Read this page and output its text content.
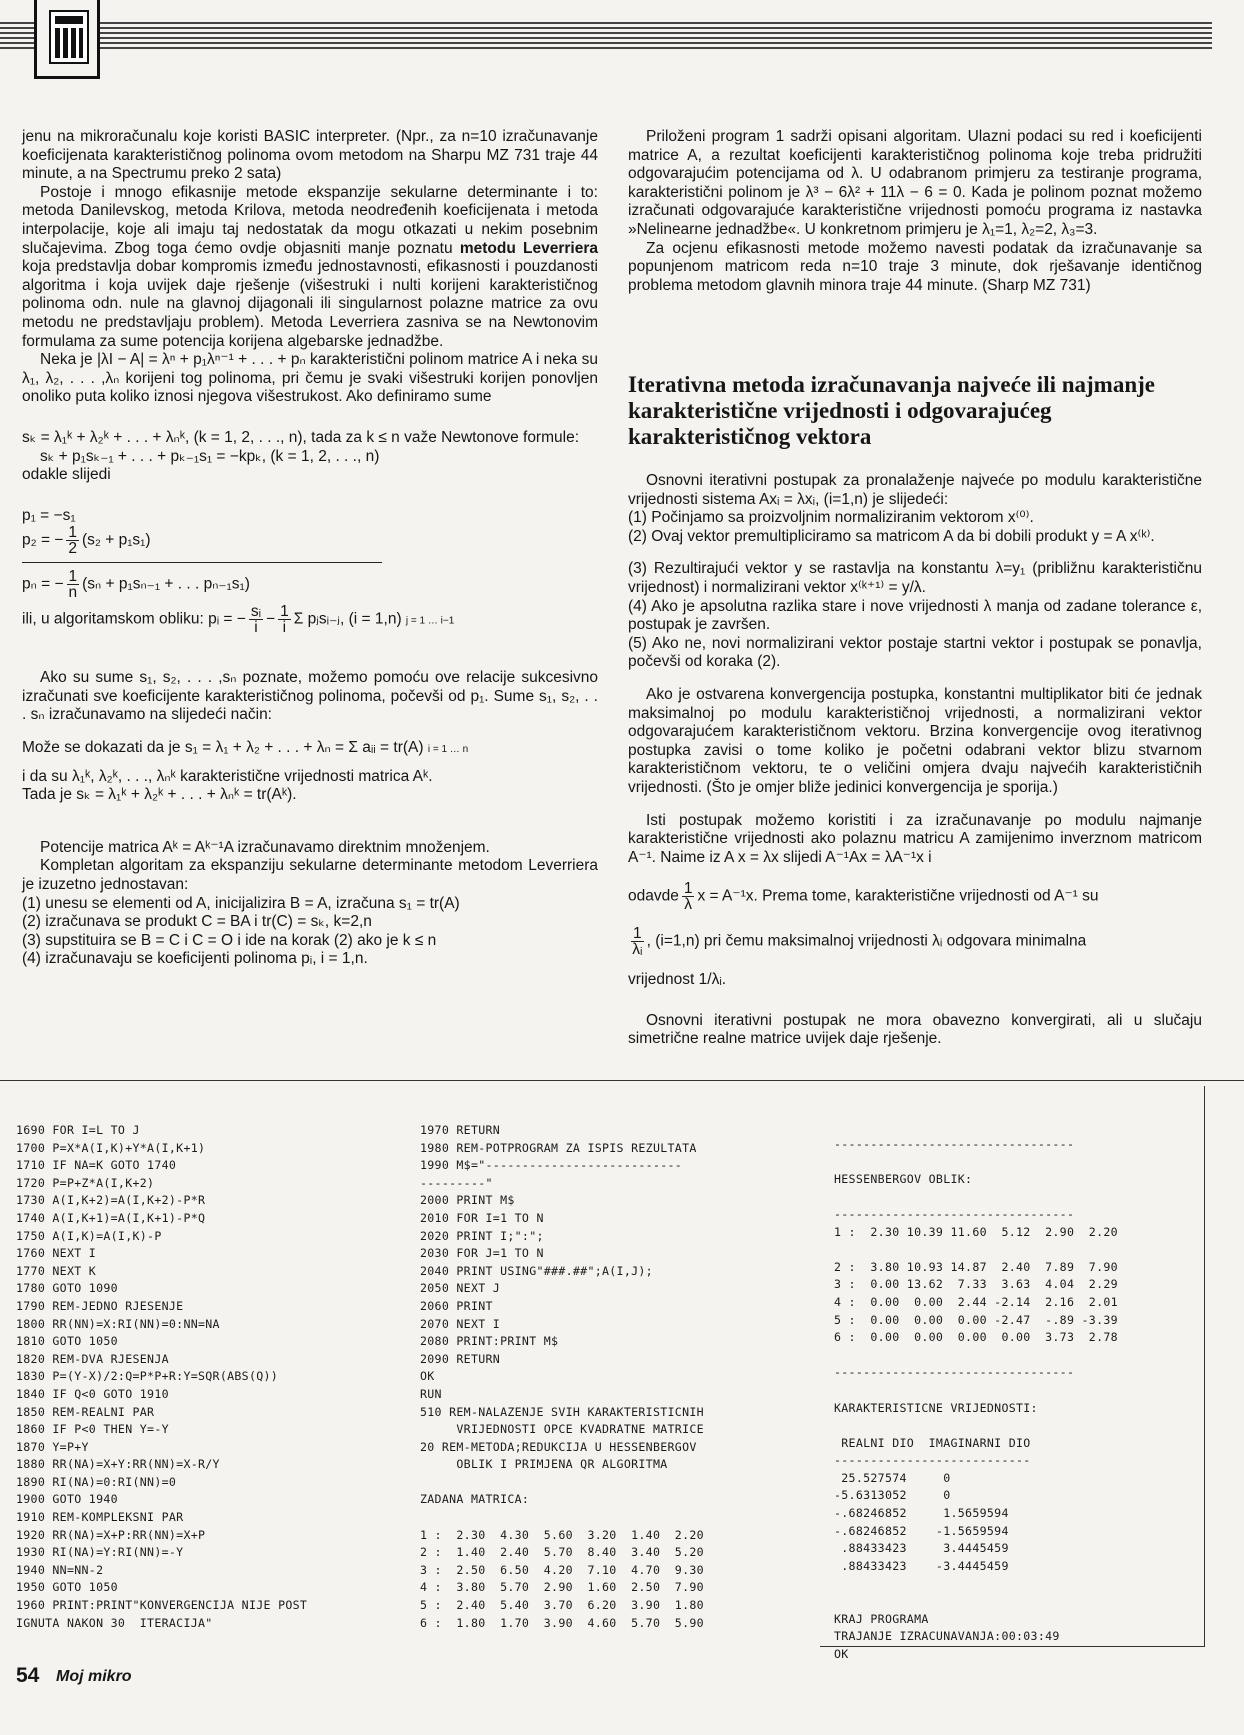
jenu na mikroračunalu koje koristi BASIC interpreter. (Npr., za n=10 izračunavanje koeficijenata karakterističnog polinoma ovom metodom na Sharpu MZ 731 traje 44 minute, a na Spectrumu preko 2 sata)

Postoje i mnogo efikasnije metode ekspanzije sekularne determinante i to: metoda Danilevskog, metoda Krilova, metoda neodređenih koeficijenata i metoda interpolacije, koje ali imaju taj nedostatak da mogu otkazati u nekim posebnim slučajevima. Zbog toga ćemo ovdje objasniti manje poznatu metodu Leverriera koja predstavlja dobar kompromis između jednostavnosti, efikasnosti i pouzdanosti algoritma i koja uvijek daje rješenje (višestruki i nulti korijeni karakterističnog polinoma odn. nule na glavnoj dijagonali ili singularnost polazne matrice za ovu metodu ne predstavljaju problem). Metoda Leverriera zasniva se na Newtonovim formulama za sume potencija korijena algebarske jednadžbe.

Neka je |λI − A| = λⁿ + p₁λⁿ⁻¹ + . . . + pₙ karakteristični polinom matrice A i neka su λ₁, λ₂, . . . ,λₙ korijeni tog polinoma, pri čemu je svaki višestruki korijen ponovljen onoliko puta koliko iznosi njegova višestrukost. Ako definiramo sume

sₖ = λ₁ᵏ + λ₂ᵏ + . . . + λₙᵏ, (k = 1, 2, . . ., n), tada za k ≤ n važe Newtonove formule:

sₖ + p₁sₖ₋₁ + . . . + pₖ₋₁s₁ = −kpₖ, (k = 1, 2, . . ., n)

odakle slijedi

p₁ = −s₁

p₂ = − $\frac{1}{2} (s_2 + p_1s_1)$

pₙ = − $\frac{1}{n} (s_n + p_1s_{n-1}$ + . . . pₙ₋₁s₁)

ili, u algoritamskom obliku: pᵢ = − $\frac{\text{sᵢ}}{i} - \frac{1}{i}$ Σ pⱼsᵢ₋ⱼ, (i = 1,n) j = 1 … i−1

Ako su sume s₁, s₂, . . . ,sₙ poznate, možemo pomoću ove relacije sukcesivno izračunati sve koeficijente karakterističnog polinoma, počevši od p₁. Sume s₁, s₂, . . . sₙ izračunavamo na slijedeći način:

Može se dokazati da je s₁ = λ₁ + λ₂ + . . . + λₙ = Σ aᵢᵢ = tr(A) i = 1 … n

i da su λ₁ᵏ, λ₂ᵏ, . . ., λₙᵏ karakteristične vrijednosti matrica Aᵏ.

Tada je sₖ = λ₁ᵏ + λ₂ᵏ + . . . + λₙᵏ = tr(Aᵏ).

Potencije matrica Aᵏ = Aᵏ⁻¹A izračunavamo direktnim množenjem.

Kompletan algoritam za ekspanziju sekularne determinante metodom Leverriera je izuzetno jednostavan:

(1) unesu se elementi od A, inicijalizira B = A, izračuna s₁ = tr(A)

(2) izračunava se produkt C = BA i tr(C) = sₖ, k=2,n

(3) supstituira se B = C i C = O i ide na korak (2) ako je k ≤ n

(4) izračunavaju se koeficijenti polinoma pᵢ, i = 1,n.

Priloženi program 1 sadrži opisani algoritam. Ulazni podaci su red i koeficijenti matrice A, a rezultat koeficijenti karakterističnog polinoma koje treba pridružiti odgovarajućim potencijama od λ. U odabranom primjeru za testiranje programa, karakteristični polinom je λ³ − 6λ² + 11λ − 6 = 0. Kada je polinom poznat možemo izračunati odgovarajuće karakteristične vrijednosti pomoću programa iz nastavka »Nelinearne jednadžbe«. U konkretnom primjeru je λ₁=1, λ₂=2, λ₃=3.

Za ocjenu efikasnosti metode možemo navesti podatak da izračunavanje sa popunjenom matricom reda n=10 traje 3 minute, dok rješavanje identičnog problema metodom glavnih minora traje 44 minute. (Sharp MZ 731)

Iterativna metoda izračunavanja najveće ili najmanje karakteristične vrijednosti i odgovarajućeg karakterističnog vektora

Osnovni iterativni postupak za pronalaženje najveće po modulu karakteristične vrijednosti sistema Axᵢ = λxᵢ, (i=1,n) je slijedeći:

(1) Počinjamo sa proizvoljnim normaliziranim vektorom x⁽⁰⁾.

(2) Ovaj vektor premultipliciramo sa matricom A da bi dobili produkt y = A x⁽ᵏ⁾.

(3) Rezultirajući vektor y se rastavlja na konstantu λ=y₁ (približnu karakterističnu vrijednost) i normalizirani vektor x⁽ᵏ⁺¹⁾ = y/λ.

(4) Ako je apsolutna razlika stare i nove vrijednosti λ manja od zadane tolerance ε, postupak je završen.

(5) Ako ne, novi normalizirani vektor postaje startni vektor i postupak se ponavlja, počevši od koraka (2).

Ako je ostvarena konvergencija postupka, konstantni multiplikator biti će jednak maksimalnoj po modulu karakterističnoj vrijednosti, a normalizirani vektor odgovarajućem karakterističnom vektoru. Brzina konvergencije ovog iterativnog postupka zavisi o tome koliko je početni odabrani vektor blizu stvarnom karakterističnom vektoru, te o veličini omjera dvaju najvećih karakterističnih vrijednosti. (Što je omjer bliže jedinici konvergencija je sporija.)

Isti postupak možemo koristiti i za izračunavanje po modulu najmanje karakteristične vrijednosti ako polaznu matricu A zamijenimo inverznom matricom A⁻¹. Naime iz A x = λx slijedi A⁻¹Ax = λA⁻¹x i

odavde $\frac{1}{\lambda}$ x = A⁻¹x. Prema tome, karakteristične vrijednosti od A⁻¹ su

$\frac{1}{\text{λᵢ}}$ , (i=1,n) pri čemu maksimalnoj vrijednosti λᵢ odgovara minimalna

vrijednost 1/λᵢ.

Osnovni iterativni postupak ne mora obavezno konvergirati, ali u slučaju simetrične realne matrice uvijek daje rješenje.

1690 FOR I=L TO J
1700 P=X*A(I,K)+Y*A(I,K+1)
1710 IF NA=K GOTO 1740
1720 P=P+Z*A(I,K+2)
1730 A(I,K+2)=A(I,K+2)-P*R
1740 A(I,K+1)=A(I,K+1)-P*Q
1750 A(I,K)=A(I,K)-P
1760 NEXT I
1770 NEXT K
1780 GOTO 1090
1790 REM-JEDNO RJESENJE
1800 RR(NN)=X:RI(NN)=0:NN=NA
1810 GOTO 1050
1820 REM-DVA RJESENJA
1830 P=(Y-X)/2:Q=P*P+R:Y=SQR(ABS(Q))
1840 IF Q<0 GOTO 1910
1850 REM-REALNI PAR
1860 IF P<0 THEN Y=-Y
1870 Y=P+Y
1880 RR(NA)=X+Y:RR(NN)=X-R/Y
1890 RI(NA)=0:RI(NN)=0
1900 GOTO 1940
1910 REM-KOMPLEKSNI PAR
1920 RR(NA)=X+P:RR(NN)=X+P
1930 RI(NA)=Y:RI(NN)=-Y
1940 NN=NN-2
1950 GOTO 1050
1960 PRINT:PRINT"KONVERGENCIJA NIJE POST
IGNUTA NAKON 30  ITERACIJA"
1970 RETURN
1980 REM-POTPROGRAM ZA ISPIS REZULTATA
1990 M$="---------------------------
---------"
2000 PRINT M$
2010 FOR I=1 TO N
2020 PRINT I;":";
2030 FOR J=1 TO N
2040 PRINT USING"###.##";A(I,J);
2050 NEXT J
2060 PRINT
2070 NEXT I
2080 PRINT:PRINT M$
2090 RETURN
OK
RUN
510 REM-NALAZENJE SVIH KARAKTERISTICNIH
VRIJEDNOSTI OPCE KVADRATNE MATRICE
20 REM-METODA;REDUKCIJA U HESSENBERGOV
OBLIK I PRIMJENA QR ALGORITMA
ZADANA MATRICA:
1 :  2.30  4.30  5.60  3.20  1.40  2.20
2 :  1.40  2.40  5.70  8.40  3.40  5.20
3 :  2.50  6.50  4.20  7.10  4.70  9.30
4 :  3.80  5.70  2.90  1.60  2.50  7.90
5 :  2.40  5.40  3.70  6.20  3.90  1.80
6 :  1.80  1.70  3.90  4.60  5.70  5.90
---------------------------------
HESSENBERGOV OBLIK:
---------------------------------
1 :  2.30 10.39 11.60  5.12  2.90  2.20
2 :  3.80 10.93 14.87  2.40  7.89  7.90
3 :  0.00 13.62  7.33  3.63  4.04  2.29
4 :  0.00  0.00  2.44 -2.14  2.16  2.01
5 :  0.00  0.00  0.00 -2.47  -.89 -3.39
6 :  0.00  0.00  0.00  0.00  3.73  2.78
---------------------------------
KARAKTERISTICNE VRIJEDNOSTI:
REALNI DIO  IMAGINARNI DIO
---------------------------
25.527574     0
-5.6313052     0
-.68246852     1.5659594
-.68246852    -1.5659594
.88433423     3.4445459
.88433423    -3.4445459
KRAJ PROGRAMA
TRAJANJE IZRACUNAVANJA:00:03:49
OK
54 Moj mikro
